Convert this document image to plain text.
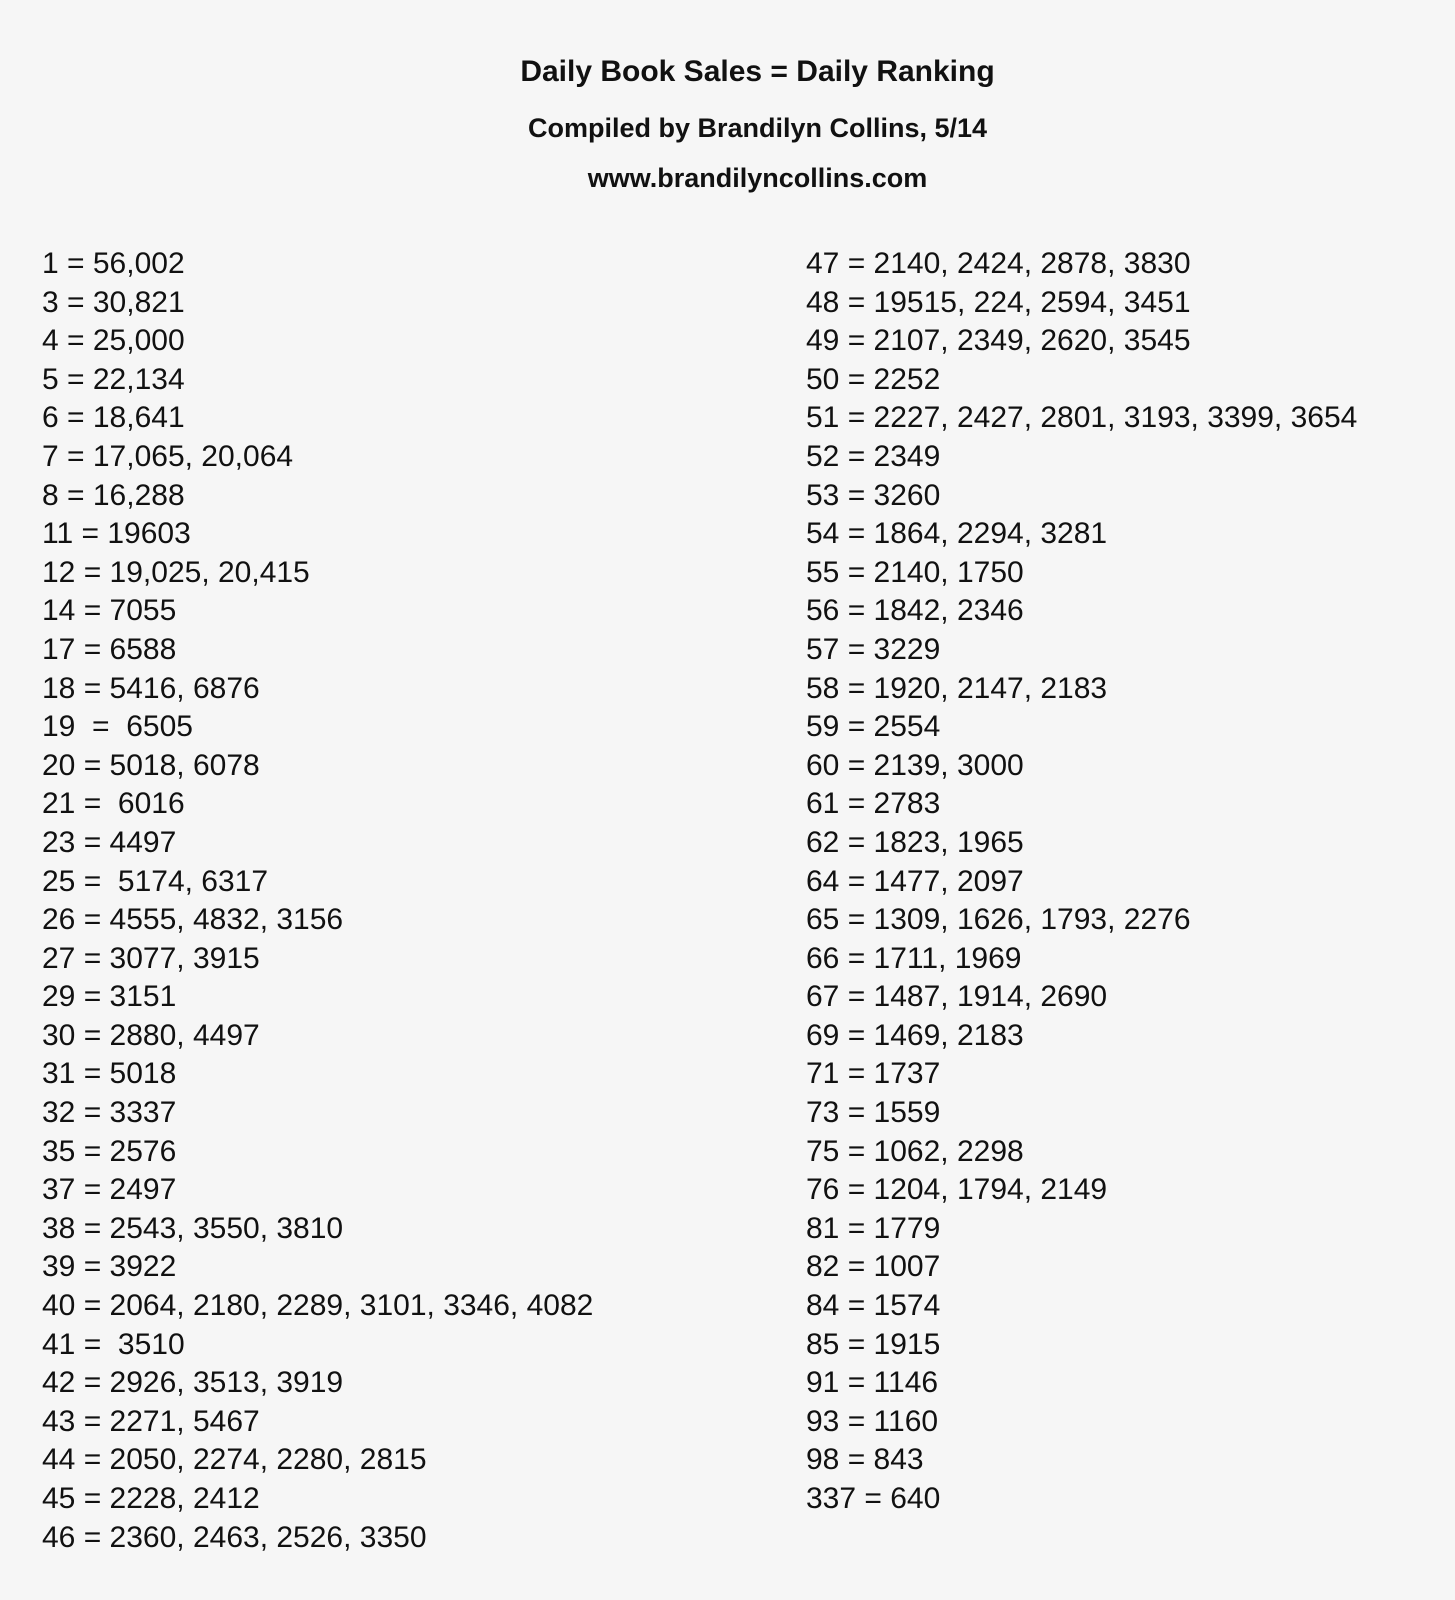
Daily Book Sales = Daily Ranking
Compiled by Brandilyn Collins, 5/14
www.brandilyncollins.com
1 = 56,002
3 = 30,821
4 = 25,000
5 = 22,134
6 = 18,641
7 = 17,065, 20,064
8 = 16,288
11 = 19603
12 = 19,025, 20,415
14 = 7055
17 = 6588
18 = 5416, 6876
19  =  6505
20 = 5018, 6078
21 =  6016
23 = 4497
25 =  5174, 6317
26 = 4555, 4832, 3156
27 = 3077, 3915
29 = 3151
30 = 2880, 4497
31 = 5018
32 = 3337
35 = 2576
37 = 2497
38 = 2543, 3550, 3810
39 = 3922
40 = 2064, 2180, 2289, 3101, 3346, 4082
41 =  3510
42 = 2926, 3513, 3919
43 = 2271, 5467
44 = 2050, 2274, 2280, 2815
45 = 2228, 2412
46 = 2360, 2463, 2526, 3350
47 = 2140, 2424, 2878, 3830
48 = 19515, 224, 2594, 3451
49 = 2107, 2349, 2620, 3545
50 = 2252
51 = 2227, 2427, 2801, 3193, 3399, 3654
52 = 2349
53 = 3260
54 = 1864, 2294, 3281
55 = 2140, 1750
56 = 1842, 2346
57 = 3229
58 = 1920, 2147, 2183
59 = 2554
60 = 2139, 3000
61 = 2783
62 = 1823, 1965
64 = 1477, 2097
65 = 1309, 1626, 1793, 2276
66 = 1711, 1969
67 = 1487, 1914, 2690
69 = 1469, 2183
71 = 1737
73 = 1559
75 = 1062, 2298
76 = 1204, 1794, 2149
81 = 1779
82 = 1007
84 = 1574
85 = 1915
91 = 1146
93 = 1160
98 = 843
337 = 640
